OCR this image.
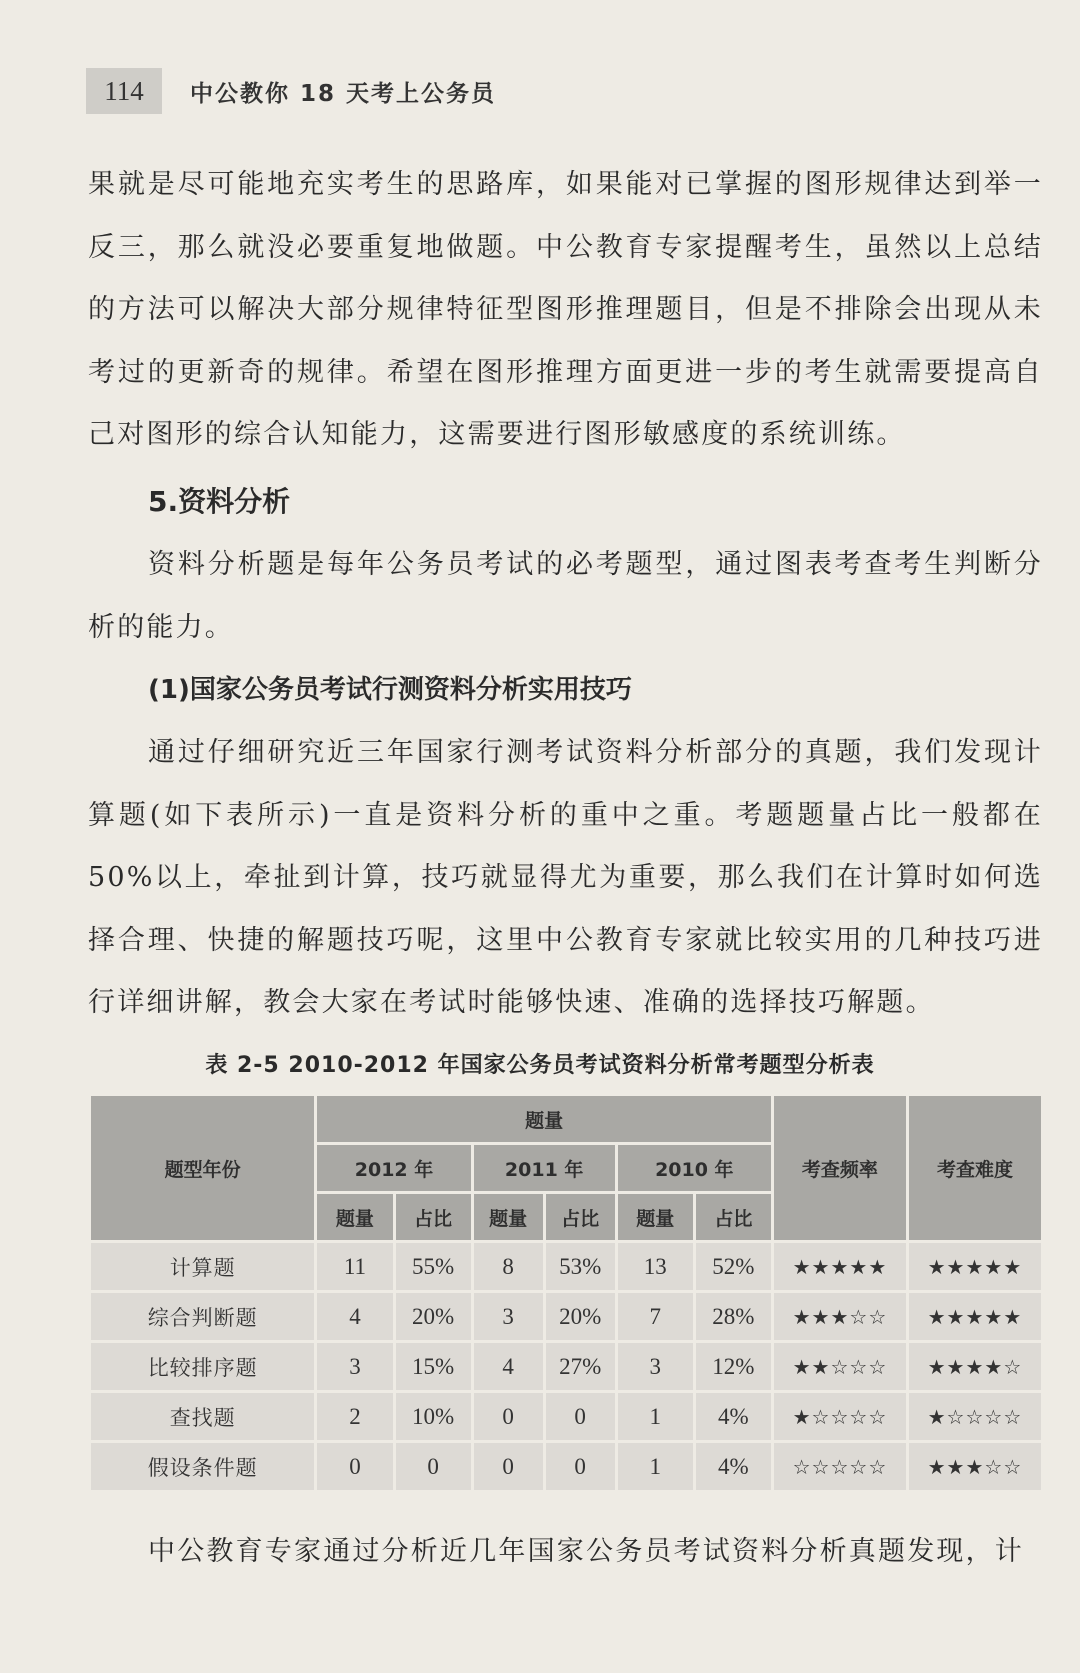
114	中公教你 18 天考上公务员

果就是尽可能地充实考生的思路库，如果能对已掌握的图形规律达到举一反三，那么就没必要重复地做题。中公教育专家提醒考生，虽然以上总结的方法可以解决大部分规律特征型图形推理题目，但是不排除会出现从未考过的更新奇的规律。希望在图形推理方面更进一步的考生就需要提高自己对图形的综合认知能力，这需要进行图形敏感度的系统训练。

5.资料分析

资料分析题是每年公务员考试的必考题型，通过图表考查考生判断分析的能力。

(1)国家公务员考试行测资料分析实用技巧

通过仔细研究近三年国家行测考试资料分析部分的真题，我们发现计算题(如下表所示)一直是资料分析的重中之重。考题题量占比一般都在50%以上，牵扯到计算，技巧就显得尤为重要，那么我们在计算时如何选择合理、快捷的解题技巧呢，这里中公教育专家就比较实用的几种技巧进行详细讲解，教会大家在考试时能够快速、准确的选择技巧解题。

表 2-5 2010-2012 年国家公务员考试资料分析常考题型分析表
题型年份	题量						考查频率	考查难度
	2012 年		2011 年		2010 年			
	题量	占比	题量	占比	题量	占比		
计算题	11	55%	8	53%	13	52%	★★★★★	★★★★★
综合判断题	4	20%	3	20%	7	28%	★★★☆☆	★★★★★
比较排序题	3	15%	4	27%	3	12%	★★☆☆☆	★★★★☆
查找题	2	10%	0	0	1	4%	★☆☆☆☆	★☆☆☆☆
假设条件题	0	0	0	0	1	4%	☆☆☆☆☆	★★★☆☆

中公教育专家通过分析近几年国家公务员考试资料分析真题发现，计
